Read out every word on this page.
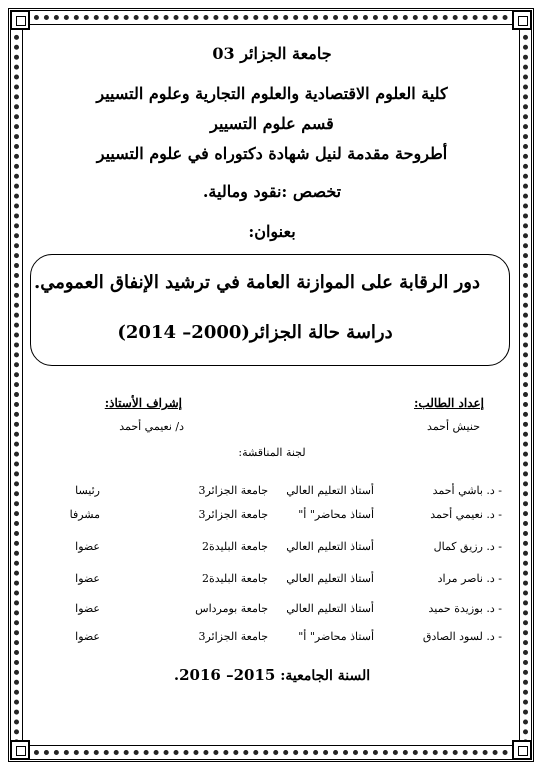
جامعة الجزائر 03
كلية العلوم الاقتصادية والعلوم التجارية وعلوم التسيير
قسم علوم التسيير
أطروحة مقدمة لنيل شهادة دكتوراه في علوم التسيير
تخصص :نقود ومالية.
بعنوان:
دور الرقابة على الموازنة العامة في ترشيد الإنفاق العمومي.
دراسة حالة الجزائر(2000– 2014)
إعداد الطالب:
حنيش أحمد
إشراف الأستاذ:
د/ نعيمي أحمد
لجنة المناقشة:
- د. باشي أحمد
أستاذ التعليم العالي
جامعة الجزائر3
رئيسا
- د. نعيمي أحمد
أستاذ محاضر" أ"
جامعة الجزائر3
مشرفا
- د. رزيق كمال
أستاذ التعليم العالي
جامعة البليدة2
عضوا
- د. ناصر مراد
أستاذ التعليم العالي
جامعة البليدة2
عضوا
- د. بوزيدة حميد
أستاذ التعليم العالي
جامعة بومرداس
عضوا
- د. لسود الصادق
أستاذ محاضر" أ"
جامعة الجزائر3
عضوا
السنة الجامعية: 2015– 2016.
